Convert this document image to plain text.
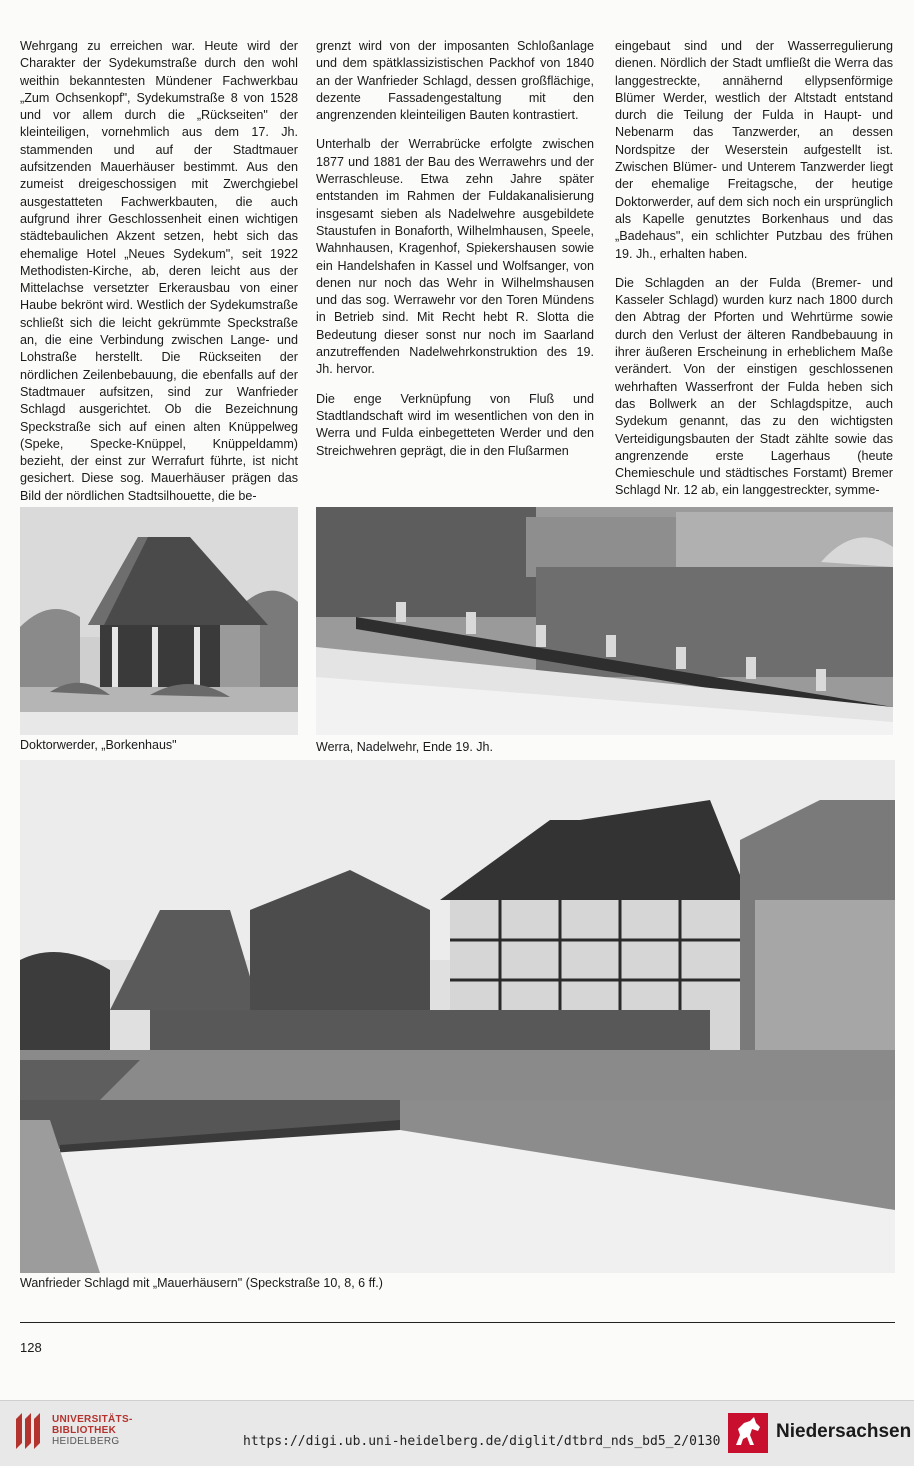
Wehrgang zu erreichen war. Heute wird der Charakter der Sydekumstraße durch den wohl weithin bekanntesten Mündener Fachwerkbau „Zum Ochsenkopf", Sydekumstraße 8 von 1528 und vor allem durch die „Rückseiten" der kleinteiligen, vornehmlich aus dem 17. Jh. stammenden und auf der Stadtmauer aufsitzenden Mauerhäuser bestimmt. Aus den zumeist dreigeschossigen mit Zwerchgiebel ausgestatteten Fachwerkbauten, die auch aufgrund ihrer Geschlossenheit einen wichtigen städtebaulichen Akzent setzen, hebt sich das ehemalige Hotel „Neues Sydekum", seit 1922 Methodisten-Kirche, ab, deren leicht aus der Mittelachse versetzter Erkerausbau von einer Haube bekrönt wird. Westlich der Sydekumstraße schließt sich die leicht gekrümmte Speckstraße an, die eine Verbindung zwischen Lange- und Lohstraße herstellt. Die Rückseiten der nördlichen Zeilenbebauung, die ebenfalls auf der Stadtmauer aufsitzen, sind zur Wanfrieder Schlagd ausgerichtet. Ob die Bezeichnung Speckstraße sich auf einen alten Knüppelweg (Speke, Specke-Knüppel, Knüppeldamm) bezieht, der einst zur Werrafurt führte, ist nicht gesichert. Diese sog. Mauerhäuser prägen das Bild der nördlichen Stadtsilhouette, die be-

grenzt wird von der imposanten Schloßanlage und dem spätklassizistischen Packhof von 1840 an der Wanfrieder Schlagd, dessen großflächige, dezente Fassadengestaltung mit den angrenzenden kleinteiligen Bauten kontrastiert.

Unterhalb der Werrabrücke erfolgte zwischen 1877 und 1881 der Bau des Werrawehrs und der Werraschleuse. Etwa zehn Jahre später entstanden im Rahmen der Fuldakanalisierung insgesamt sieben als Nadelwehre ausgebildete Staustufen in Bonaforth, Wilhelmhausen, Speele, Wahnhausen, Kragenhof, Spiekershausen sowie ein Handelshafen in Kassel und Wolfsanger, von denen nur noch das Wehr in Wilhelmshausen und das sog. Werrawehr vor den Toren Mündens in Betrieb sind. Mit Recht hebt R. Slotta die Bedeutung dieser sonst nur noch im Saarland anzutreffenden Nadelwehrkonstruktion des 19. Jh. hervor.

Die enge Verknüpfung von Fluß und Stadtlandschaft wird im wesentlichen von den in Werra und Fulda einbegetteten Werder und den Streichwehren geprägt, die in den Flußarmen

eingebaut sind und der Wasserregulierung dienen. Nördlich der Stadt umfließt die Werra das langgestreckte, annähernd ellypsenförmige Blümer Werder, westlich der Altstadt entstand durch die Teilung der Fulda in Haupt- und Nebenarm das Tanzwerder, an dessen Nordspitze der Weserstein aufgestellt ist. Zwischen Blümer- und Unterem Tanzwerder liegt der ehemalige Freitagsche, der heutige Doktorwerder, auf dem sich noch ein ursprünglich als Kapelle genutztes Borkenhaus und das „Badehaus", ein schlichter Putzbau des frühen 19. Jh., erhalten haben.

Die Schlagden an der Fulda (Bremer- und Kasseler Schlagd) wurden kurz nach 1800 durch den Abtrag der Pforten und Wehrtürme sowie durch den Verlust der älteren Randbebauung in ihrer äußeren Erscheinung in erheblichem Maße verändert. Von der einstigen geschlossenen wehrhaften Wasserfront der Fulda heben sich das Bollwerk an der Schlagdspitze, auch Sydekum genannt, das zu den wichtigsten Verteidigungsbauten der Stadt zählte sowie das angrenzende erste Lagerhaus (heute Chemieschule und städtisches Forstamt) Bremer Schlagd Nr. 12 ab, ein langgestreckter, symme-

Doktorwerder, „Borkenhaus"	Werra, Nadelwehr, Ende 19. Jh.
Wanfrieder Schlagd mit „Mauerhäusern" (Speckstraße 10, 8, 6 ff.)
128
UNIVERSITÄTS-
BIBLIOTHEK
HEIDELBERG	https://digi.ub.uni-heidelberg.de/diglit/dtbrd_nds_bd5_2/0130	Niedersachsen
